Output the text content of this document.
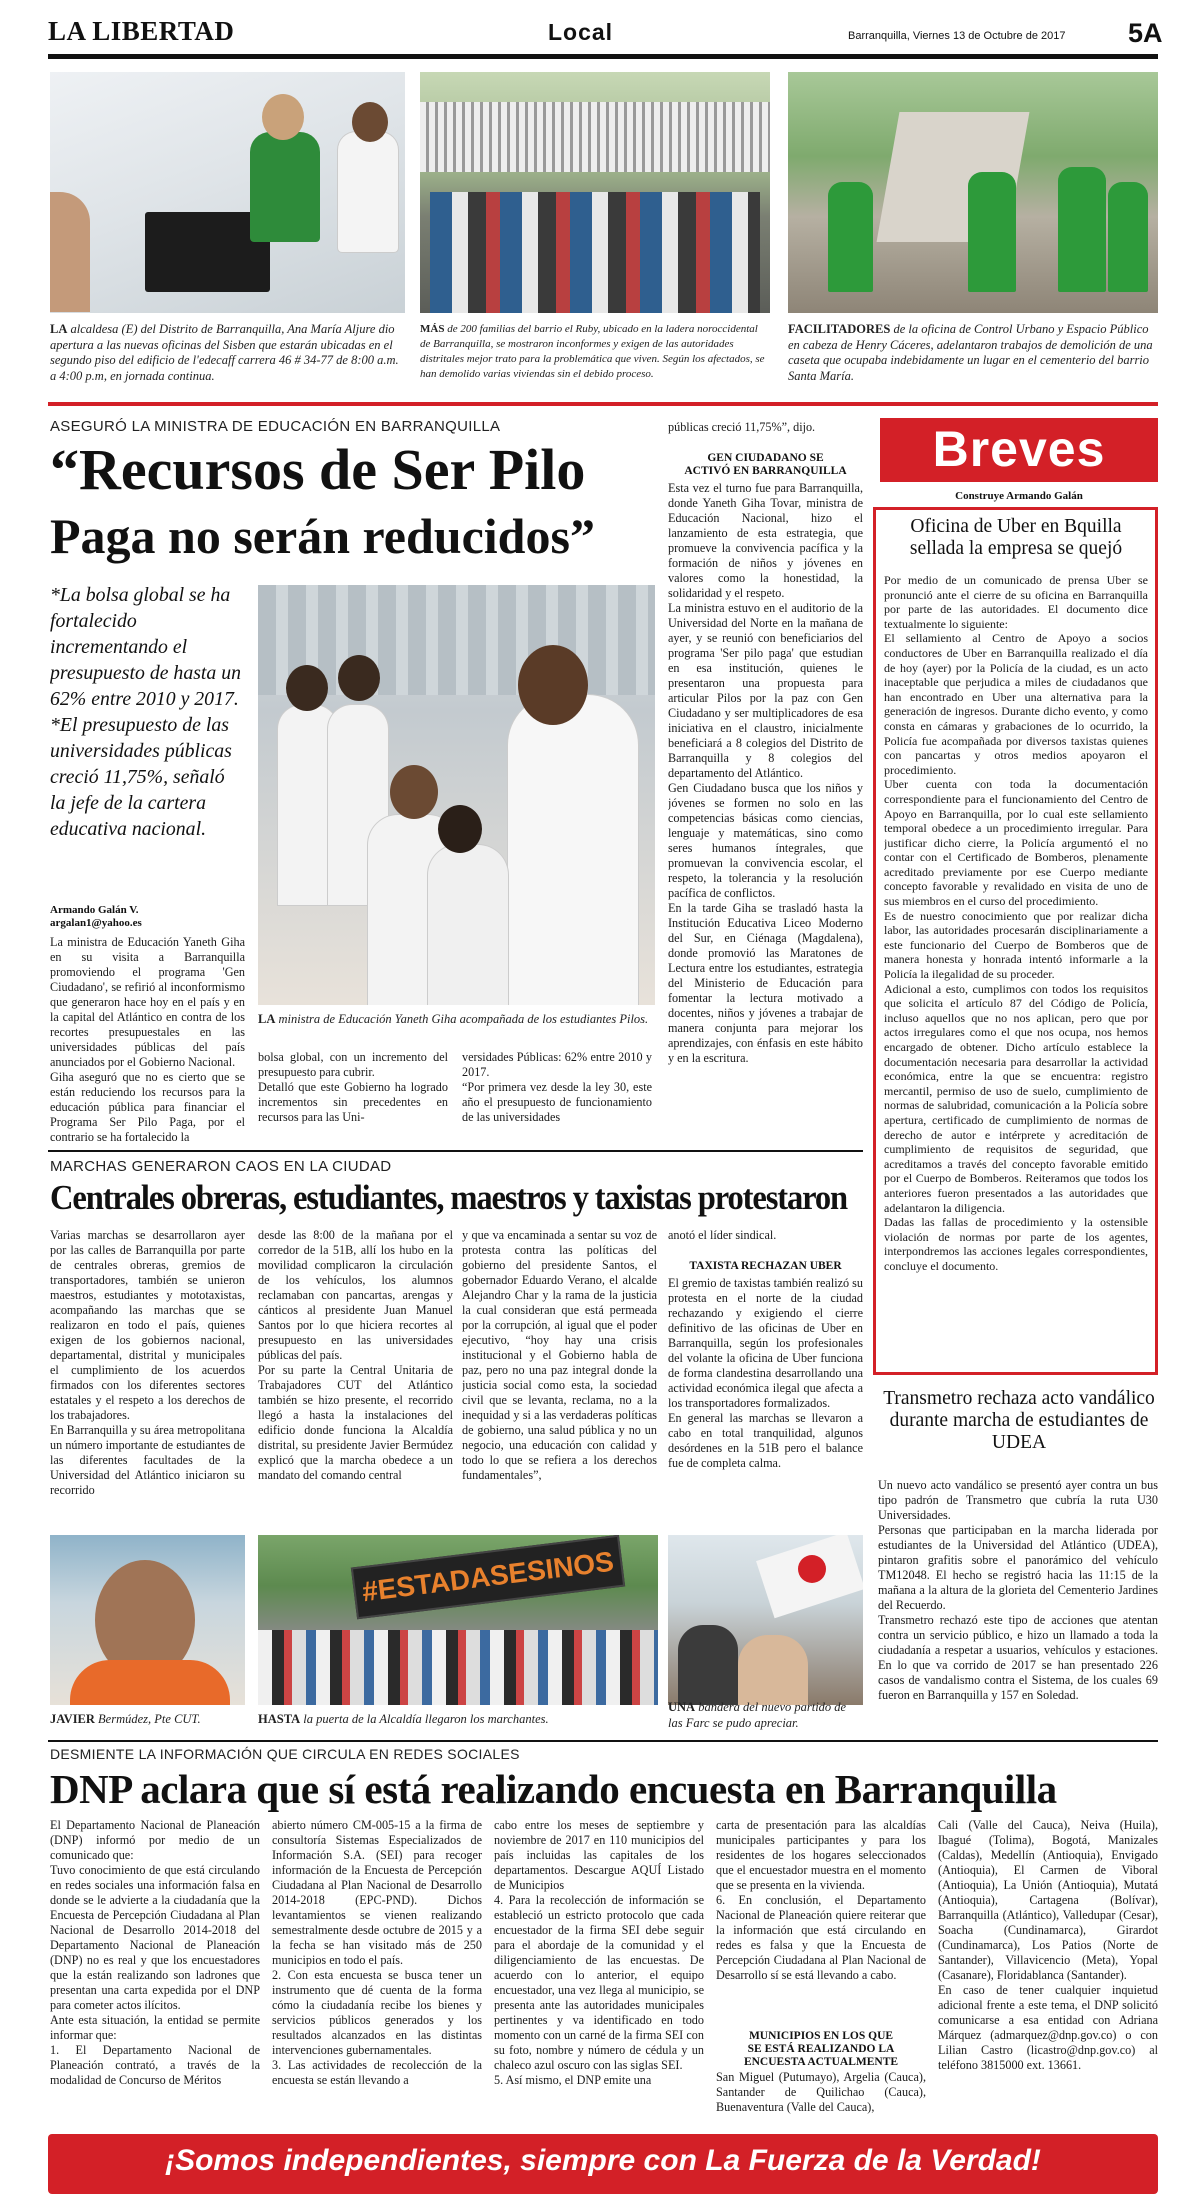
LA LIBERTAD	Local	Barranquilla, Viernes 13 de Octubre de 2017 5A
LA alcaldesa (E) del Distrito de Barranquilla, Ana María Aljure dio apertura a las nuevas oficinas del Sisben que estarán ubicadas en el segundo piso del edificio de l'edecaff carrera 46 # 34-77 de 8:00 a.m. a 4:00 p.m, en jornada continua.
MÁS de 200 familias del barrio el Ruby, ubicado en la ladera noroccidental de Barranquilla, se mostraron inconformes y exigen de las autoridades distritales mejor trato para la problemática que viven. Según los afectados, se han demolido varias viviendas sin el debido proceso.
FACILITADORES de la oficina de Control Urbano y Espacio Público en cabeza de Henry Cáceres, adelantaron trabajos de demolición de una caseta que ocupaba indebidamente un lugar en el cementerio del barrio Santa María.
ASEGURÓ LA MINISTRA DE EDUCACIÓN EN BARRANQUILLA
“Recursos de Ser Pilo
Paga no serán reducidos”
*La bolsa global se ha fortalecido incrementando el presupuesto de hasta un 62% entre 2010 y 2017. *El presupuesto de las universidades públicas creció 11,75%, señaló la jefe de la cartera educativa nacional.
Armando Galán V.
argalan1@yahoo.es
La ministra de Educación Yaneth Giha en su visita a Barranquilla promoviendo el programa 'Gen Ciudadano', se refirió al inconformismo que generaron hace hoy en el país y en la capital del Atlántico en contra de los recortes presupuestales en las universidades públicas del país anunciados por el Gobierno Nacional.
Giha aseguró que no es cierto que se están reduciendo los recursos para la educación pública para financiar el Programa Ser Pilo Paga, por el contrario se ha fortalecido la
LA ministra de Educación Yaneth Giha acompañada de los estudiantes Pilos.
bolsa global, con un incremento del presupuesto para cubrir.
Detalló que este Gobierno ha logrado incrementos sin precedentes en recursos para las Uni-
versidades Públicas: 62% entre 2010 y 2017.
“Por primera vez desde la ley 30, este año el presupuesto de funcionamiento de las universidades
públicas creció 11,75%”, dijo.
GEN CIUDADANO SE
ACTIVÓ EN BARRANQUILLA
Esta vez el turno fue para Barranquilla, donde Yaneth Giha Tovar, ministra de Educación Nacional, hizo el lanzamiento de esta estrategia, que promueve la convivencia pacífica y la formación de niños y jóvenes en valores como la honestidad, la solidaridad y el respeto.
La ministra estuvo en el auditorio de la Universidad del Norte en la mañana de ayer, y se reunió con beneficiarios del programa 'Ser pilo paga' que estudian en esa institución, quienes le presentaron una propuesta para articular Pilos por la paz con Gen Ciudadano y ser multiplicadores de esa iniciativa en el claustro, inicialmente beneficiará a 8 colegios del Distrito de Barranquilla y 8 colegios del departamento del Atlántico.
Gen Ciudadano busca que los niños y jóvenes se formen no solo en las competencias básicas como ciencias, lenguaje y matemáticas, sino como seres humanos íntegrales, que promuevan la convivencia escolar, el respeto, la tolerancia y la resolución pacífica de conflictos.
En la tarde Giha se trasladó hasta la Institución Educativa Liceo Moderno del Sur, en Ciénaga (Magdalena), donde promovió las Maratones de Lectura entre los estudiantes, estrategia del Ministerio de Educación para fomentar la lectura motivado a docentes, niños y jóvenes a trabajar de manera conjunta para mejorar los aprendizajes, con énfasis en este hábito y en la escritura.
Breves
Construye Armando Galán
Oficina de Uber en Bquilla sellada la empresa se quejó
Por medio de un comunicado de prensa Uber se pronunció ante el cierre de su oficina en Barranquilla por parte de las autoridades. El documento dice textualmente lo siguiente:
El sellamiento al Centro de Apoyo a socios conductores de Uber en Barranquilla realizado el día de hoy (ayer) por la Policía de la ciudad, es un acto inaceptable que perjudica a miles de ciudadanos que han encontrado en Uber una alternativa para la generación de ingresos. Durante dicho evento, y como consta en cámaras y grabaciones de lo ocurrido, la Policía fue acompañada por diversos taxistas quienes con pancartas y otros medios apoyaron el procedimiento.
Uber cuenta con toda la documentación correspondiente para el funcionamiento del Centro de Apoyo en Barranquilla, por lo cual este sellamiento temporal obedece a un procedimiento irregular. Para justificar dicho cierre, la Policía argumentó el no contar con el Certificado de Bomberos, plenamente acreditado previamente por ese Cuerpo mediante concepto favorable y revalidado en visita de uno de sus miembros en el curso del procedimiento.
Es de nuestro conocimiento que por realizar dicha labor, las autoridades procesarán disciplinariamente a este funcionario del Cuerpo de Bomberos que de manera honesta y honrada intentó informarle a la Policía la ilegalidad de su proceder.
Adicional a esto, cumplimos con todos los requisitos que solicita el artículo 87 del Código de Policía, incluso aquellos que no nos aplican, pero que por actos irregulares como el que nos ocupa, nos hemos encargado de obtener. Dicho artículo establece la documentación necesaria para desarrollar la actividad económica, entre la que se encuentra: registro mercantil, permiso de uso de suelo, cumplimiento de normas de salubridad, comunicación a la Policía sobre apertura, certificado de cumplimiento de normas de derecho de autor e intérprete y acreditación de cumplimiento de requisitos de seguridad, que acreditamos a través del concepto favorable emitido por el Cuerpo de Bomberos. Reiteramos que todos los anteriores fueron presentados a las autoridades que adelantaron la diligencia.
Dadas las fallas de procedimiento y la ostensible violación de normas por parte de los agentes, interpondremos las acciones legales correspondientes, concluye el documento.
Transmetro rechaza acto vandálico durante marcha de estudiantes de UDEA
Un nuevo acto vandálico se presentó ayer contra un bus tipo padrón de Transmetro que cubría la ruta U30 Universidades.
Personas que participaban en la marcha liderada por estudiantes de la Universidad del Atlántico (UDEA), pintaron grafitis sobre el panorámico del vehículo TM12048. El hecho se registró hacia las 11:15 de la mañana a la altura de la glorieta del Cementerio Jardines del Recuerdo.
Transmetro rechazó este tipo de acciones que atentan contra un servicio público, e hizo un llamado a toda la ciudadanía a respetar a usuarios, vehículos y estaciones. En lo que va corrido de 2017 se han presentado 226 casos de vandalismo contra el Sistema, de los cuales 69 fueron en Barranquilla y 157 en Soledad.
MARCHAS GENERARON CAOS EN LA CIUDAD
Centrales obreras, estudiantes, maestros y taxistas protestaron
Varias marchas se desarrollaron ayer por las calles de Barranquilla por parte de centrales obreras, gremios de transportadores, también se unieron maestros, estudiantes y mototaxistas, acompañando las marchas que se realizaron en todo el país, quienes exigen de los gobiernos nacional, departamental, distrital y municipales el cumplimiento de los acuerdos firmados con los diferentes sectores estatales y el respeto a los derechos de los trabajadores.
En Barranquilla y su área metropolitana un número importante de estudiantes de las diferentes facultades de la Universidad del Atlántico iniciaron su recorrido
desde las 8:00 de la mañana por el corredor de la 51B, allí los hubo en la movilidad complicaron la circulación de los vehículos, los alumnos reclamaban con pancartas, arengas y cánticos al presidente Juan Manuel Santos por lo que hiciera recortes al presupuesto en las universidades públicas del país.
Por su parte la Central Unitaria de Trabajadores CUT del Atlántico también se hizo presente, el recorrido llegó a hasta la instalaciones del edificio donde funciona la Alcaldía distrital, su presidente Javier Bermúdez explicó que la marcha obedece a un mandato del comando central
y que va encaminada a sentar su voz de protesta contra las políticas del gobierno del presidente Santos, el gobernador Eduardo Verano, el alcalde Alejandro Char y la rama de la justicia la cual consideran que está permeada por la corrupción, al igual que el poder ejecutivo, “hoy hay una crisis institucional y el Gobierno habla de paz, pero no una paz integral donde la justicia social como esta, la sociedad civil que se levanta, reclama, no a la inequidad y si a las verdaderas políticas de gobierno, una salud pública y no un negocio, una educación con calidad y todo lo que se refiera a los derechos fundamentales”,
anotó el líder sindical.
TAXISTA RECHAZAN UBER
El gremio de taxistas también realizó su protesta en el norte de la ciudad rechazando y exigiendo el cierre definitivo de las oficinas de Uber en Barranquilla, según los profesionales del volante la oficina de Uber funciona de forma clandestina desarrollando una actividad económica ilegal que afecta a los transportadores formalizados.
En general las marchas se llevaron a cabo en total tranquilidad, algunos desórdenes en la 51B pero el balance fue de completa calma.
#ESTADASESINOS
JAVIER Bermúdez, Pte CUT.	HASTA la puerta de la Alcaldía llegaron los marchantes.
UNA bandera del nuevo partido de las Farc se pudo apreciar.
DESMIENTE LA INFORMACIÓN QUE CIRCULA EN REDES SOCIALES
DNP aclara que sí está realizando encuesta en Barranquilla
El Departamento Nacional de Planeación (DNP) informó por medio de un comunicado que:
Tuvo conocimiento de que está circulando en redes sociales una información falsa en donde se le advierte a la ciudadanía que la Encuesta de Percepción Ciudadana al Plan Nacional de Desarrollo 2014-2018 del Departamento Nacional de Planeación (DNP) no es real y que los encuestadores que la están realizando son ladrones que presentan una carta expedida por el DNP para cometer actos ilícitos.
Ante esta situación, la entidad se permite informar que:
1. El Departamento Nacional de Planeación contrató, a través de la modalidad de Concurso de Méritos
abierto número CM-005-15 a la firma de consultoría Sistemas Especializados de Información S.A. (SEI) para recoger información de la Encuesta de Percepción Ciudadana al Plan Nacional de Desarrollo 2014-2018 (EPC-PND). Dichos levantamientos se vienen realizando semestralmente desde octubre de 2015 y a la fecha se han visitado más de 250 municipios en todo el país.
2. Con esta encuesta se busca tener un instrumento que dé cuenta de la forma cómo la ciudadanía recibe los bienes y servicios públicos generados y los resultados alcanzados en las distintas intervenciones gubernamentales.
3. Las actividades de recolección de la encuesta se están llevando a
cabo entre los meses de septiembre y noviembre de 2017 en 110 municipios del país incluidas las capitales de los departamentos. Descargue AQUÍ Listado de Municipios
4. Para la recolección de información se estableció un estricto protocolo que cada encuestador de la firma SEI debe seguir para el abordaje de la comunidad y el diligenciamiento de las encuestas. De acuerdo con lo anterior, el equipo encuestador, una vez llega al municipio, se presenta ante las autoridades municipales pertinentes y va identificado en todo momento con un carné de la firma SEI con su foto, nombre y número de cédula y un chaleco azul oscuro con las siglas SEI.
5. Así mismo, el DNP emite una
carta de presentación para las alcaldías municipales participantes y para los residentes de los hogares seleccionados que el encuestador muestra en el momento que se presenta en la vivienda.
6. En conclusión, el Departamento Nacional de Planeación quiere reiterar que la información que está circulando en redes es falsa y que la Encuesta de Percepción Ciudadana al Plan Nacional de Desarrollo sí se está llevando a cabo.
MUNICIPIOS EN LOS QUE
SE ESTÁ REALIZANDO LA
ENCUESTA ACTUALMENTE
San Miguel (Putumayo), Argelia (Cauca), Santander de Quilichao (Cauca), Buenaventura (Valle del Cauca),
Cali (Valle del Cauca), Neiva (Huila), Ibagué (Tolima), Bogotá, Manizales (Caldas), Medellín (Antioquia), Envigado (Antioquia), El Carmen de Viboral (Antioquia), La Unión (Antioquia), Mutatá (Antioquia), Cartagena (Bolívar), Barranquilla (Atlántico), Valledupar (Cesar), Soacha (Cundinamarca), Girardot (Cundinamarca), Los Patios (Norte de Santander), Villavicencio (Meta), Yopal (Casanare), Floridablanca (Santander).
En caso de tener cualquier inquietud adicional frente a este tema, el DNP solicitó comunicarse a esa entidad con Adriana Márquez (admarquez@dnp.gov.co) o con Lilian Castro (licastro@dnp.gov.co) al teléfono 3815000 ext. 13661.
¡Somos independientes, siempre con La Fuerza de la Verdad!
